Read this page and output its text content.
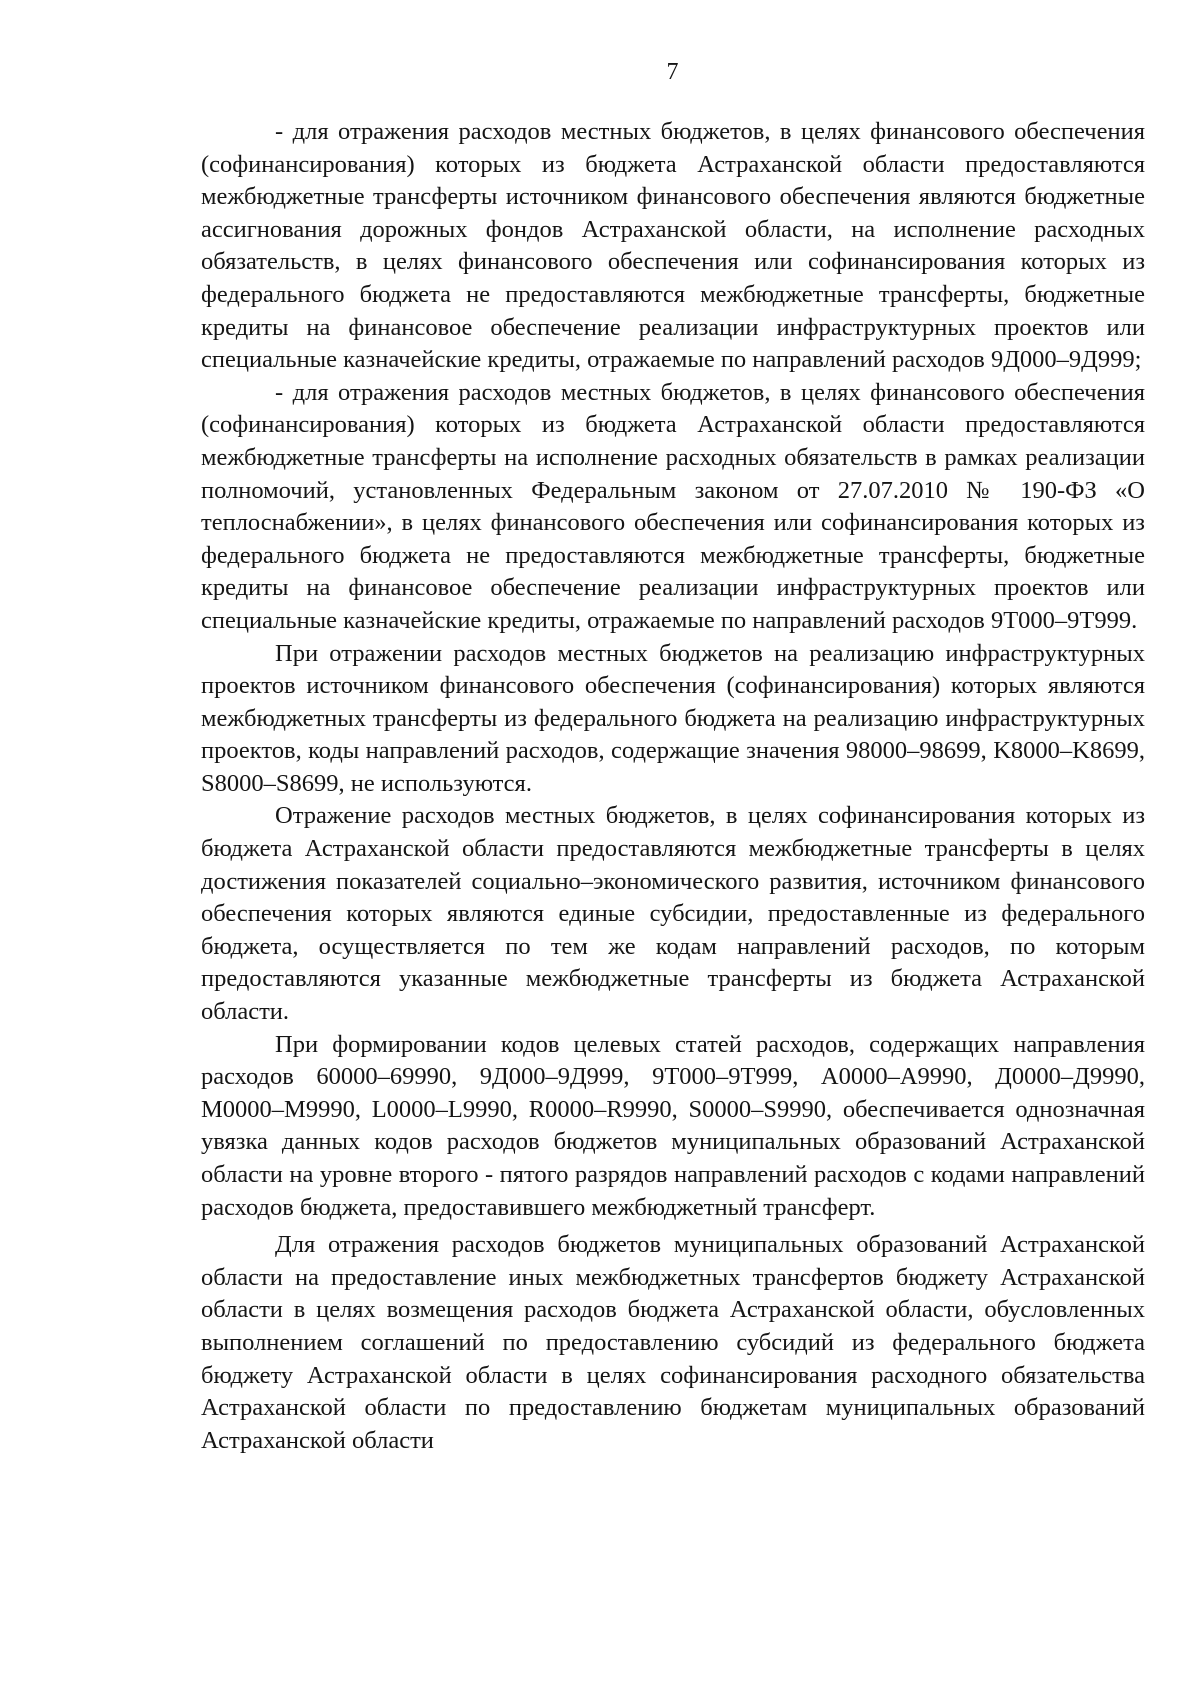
7

- для отражения расходов местных бюджетов, в целях финансового обеспечения (софинансирования) которых из бюджета Астраханской области предоставляются межбюджетные трансферты источником финансового обеспечения являются бюджетные ассигнования дорожных фондов Астраханской области, на исполнение расходных обязательств, в целях финансового обеспечения или софинансирования которых из федерального бюджета не предоставляются межбюджетные трансферты, бюджетные кредиты на финансовое обеспечение реализации инфраструктурных проектов или специальные казначейские кредиты, отражаемые по направлений расходов 9Д000–9Д999;

- для отражения расходов местных бюджетов, в целях финансового обеспечения (софинансирования) которых из бюджета Астраханской области предоставляются межбюджетные трансферты на исполнение расходных обязательств в рамках реализации полномочий, установленных Федеральным законом от 27.07.2010 № 190-ФЗ «О теплоснабжении», в целях финансового обеспечения или софинансирования которых из федерального бюджета не предоставляются межбюджетные трансферты, бюджетные кредиты на финансовое обеспечение реализации инфраструктурных проектов или специальные казначейские кредиты, отражаемые по направлений расходов 9Т000–9Т999.

При отражении расходов местных бюджетов на реализацию инфраструктурных проектов источником финансового обеспечения (софинансирования) которых являются межбюджетных трансферты из федерального бюджета на реализацию инфраструктурных проектов, коды направлений расходов, содержащие значения 98000–98699, K8000–K8699, S8000–S8699, не используются.

Отражение расходов местных бюджетов, в целях софинансирования которых из бюджета Астраханской области предоставляются межбюджетные трансферты в целях достижения показателей социально–экономического развития, источником финансового обеспечения которых являются единые субсидии, предоставленные из федерального бюджета, осуществляется по тем же кодам направлений расходов, по которым предоставляются указанные межбюджетные трансферты из бюджета Астраханской области.

При формировании кодов целевых статей расходов, содержащих направления расходов 60000–69990, 9Д000–9Д999, 9Т000–9Т999, А0000–А9990, Д0000–Д9990, М0000–М9990, L0000–L9990, R0000–R9990, S0000–S9990, обеспечивается однозначная увязка данных кодов расходов бюджетов муниципальных образований Астраханской области на уровне второго - пятого разрядов направлений расходов с кодами направлений расходов бюджета, предоставившего межбюджетный трансферт.

Для отражения расходов бюджетов муниципальных образований Астраханской области на предоставление иных межбюджетных трансфертов бюджету Астраханской области в целях возмещения расходов бюджета Астраханской области, обусловленных выполнением соглашений по предоставлению субсидий из федерального бюджета бюджету Астраханской области в целях софинансирования расходного обязательства Астраханской области по предоставлению бюджетам муниципальных образований Астраханской области
